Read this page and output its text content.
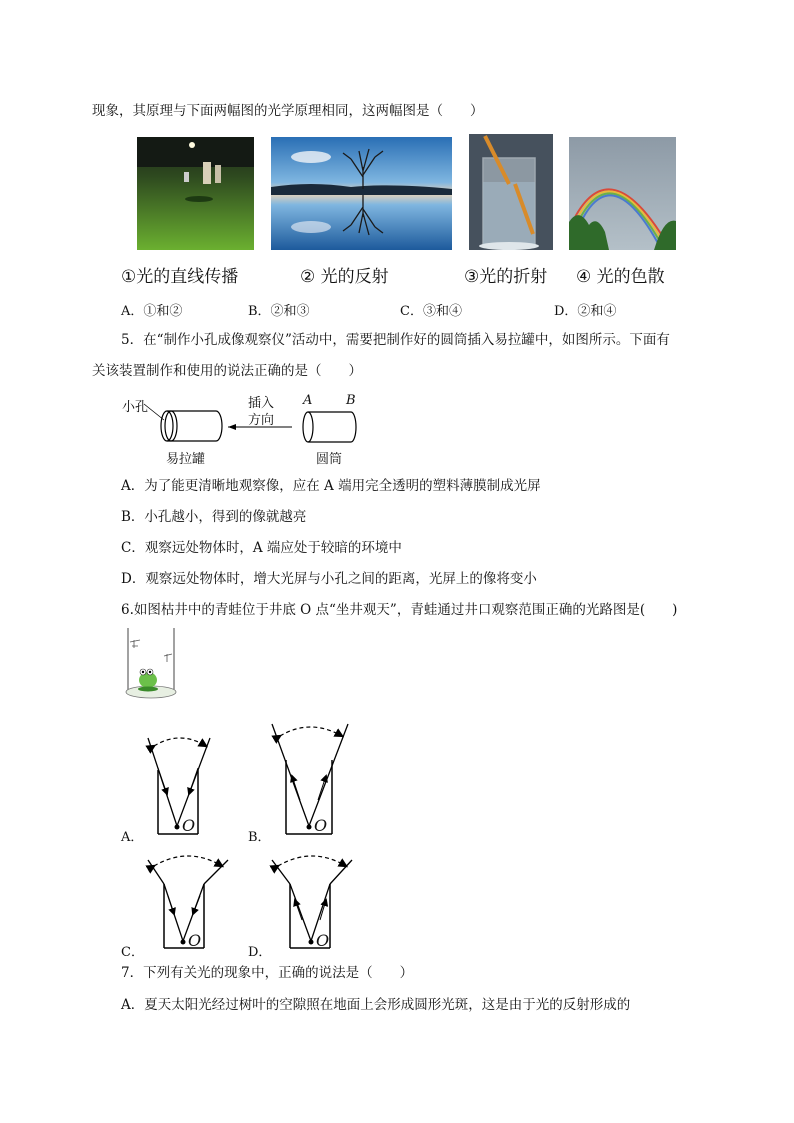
现象，其原理与下面两幅图的光学原理相同，这两幅图是（　　）
①光的直线传播	② 光的反射	③光的折射 ④ 光的色散
A．①和②	B．②和③	C．③和④	D．②和④
5．在“制作小孔成像观察仪”活动中，需要把制作好的圆筒插入易拉罐中，如图所示。下面有
关该装置制作和使用的说法正确的是（　　）
小孔
易拉罐
插入
方向
A	B
圆筒
A．为了能更清晰地观察像，应在 A 端用完全透明的塑料薄膜制成光屏
B．小孔越小，得到的像就越亮
C．观察远处物体时，A 端应处于较暗的环境中
D．观察远处物体时，增大光屏与小孔之间的距离，光屏上的像将变小
6.如图枯井中的青蛙位于井底 O 点“坐井观天”，青蛙通过井口观察范围正确的光路图是(　　)
O
A．
O
B．
O
C．
O
D．
7．下列有关光的现象中，正确的说法是（　　）
A．夏天太阳光经过树叶的空隙照在地面上会形成圆形光斑，这是由于光的反射形成的
